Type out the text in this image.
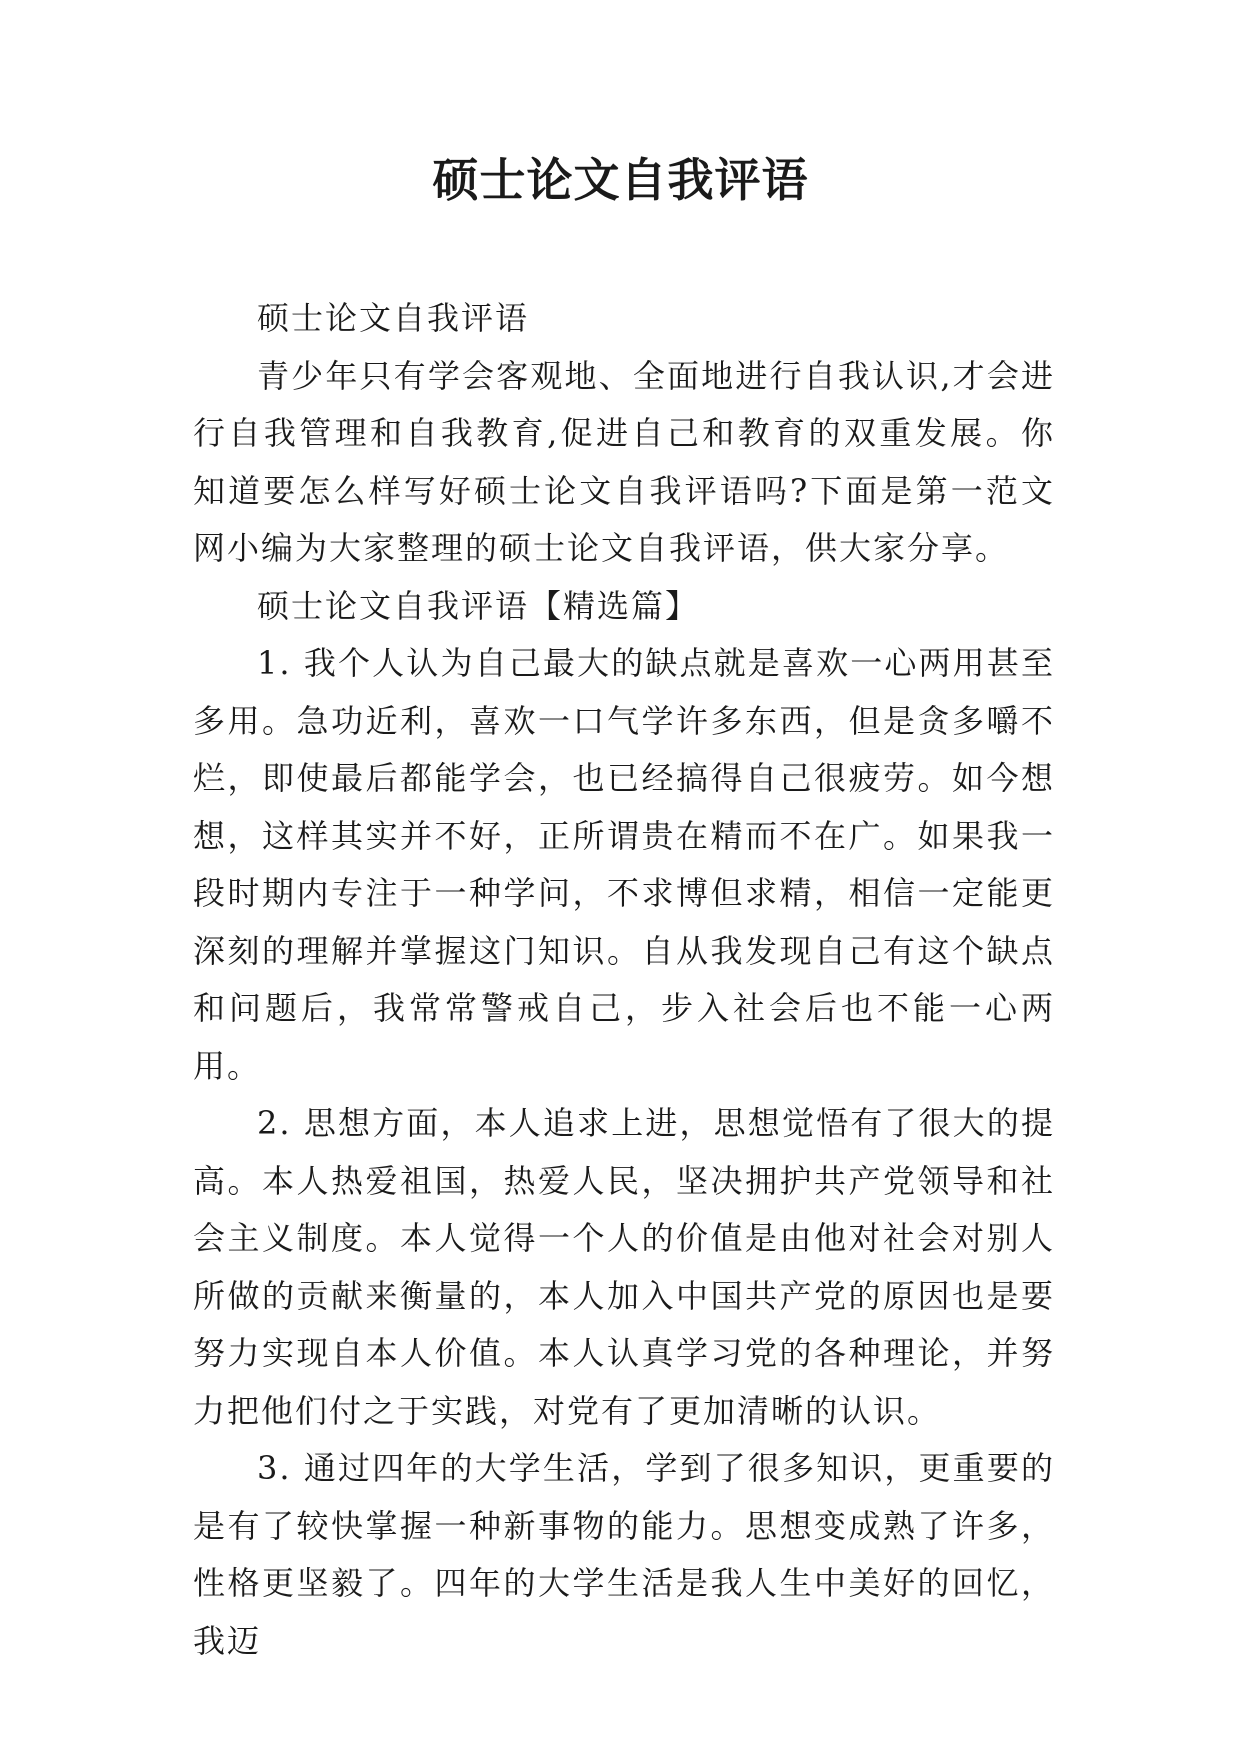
硕士论文自我评语

硕士论文自我评语

青少年只有学会客观地、全面地进行自我认识,才会进行自我管理和自我教育,促进自己和教育的双重发展。你知道要怎么样写好硕士论文自我评语吗?下面是第一范文网小编为大家整理的硕士论文自我评语，供大家分享。

硕士论文自我评语【精选篇】

1. 我个人认为自己最大的缺点就是喜欢一心两用甚至多用。急功近利，喜欢一口气学许多东西，但是贪多嚼不烂，即使最后都能学会，也已经搞得自己很疲劳。如今想想，这样其实并不好，正所谓贵在精而不在广。如果我一段时期内专注于一种学问，不求博但求精，相信一定能更深刻的理解并掌握这门知识。自从我发现自己有这个缺点和问题后，我常常警戒自己，步入社会后也不能一心两用。

2. 思想方面，本人追求上进，思想觉悟有了很大的提高。本人热爱祖国，热爱人民，坚决拥护共产党领导和社会主义制度。本人觉得一个人的价值是由他对社会对别人所做的贡献来衡量的，本人加入中国共产党的原因也是要努力实现自本人价值。本人认真学习党的各种理论，并努力把他们付之于实践，对党有了更加清晰的认识。

3. 通过四年的大学生活，学到了很多知识，更重要的是有了较快掌握一种新事物的能力。思想变成熟了许多，性格更坚毅了。四年的大学生活是我人生中美好的回忆，我迈
